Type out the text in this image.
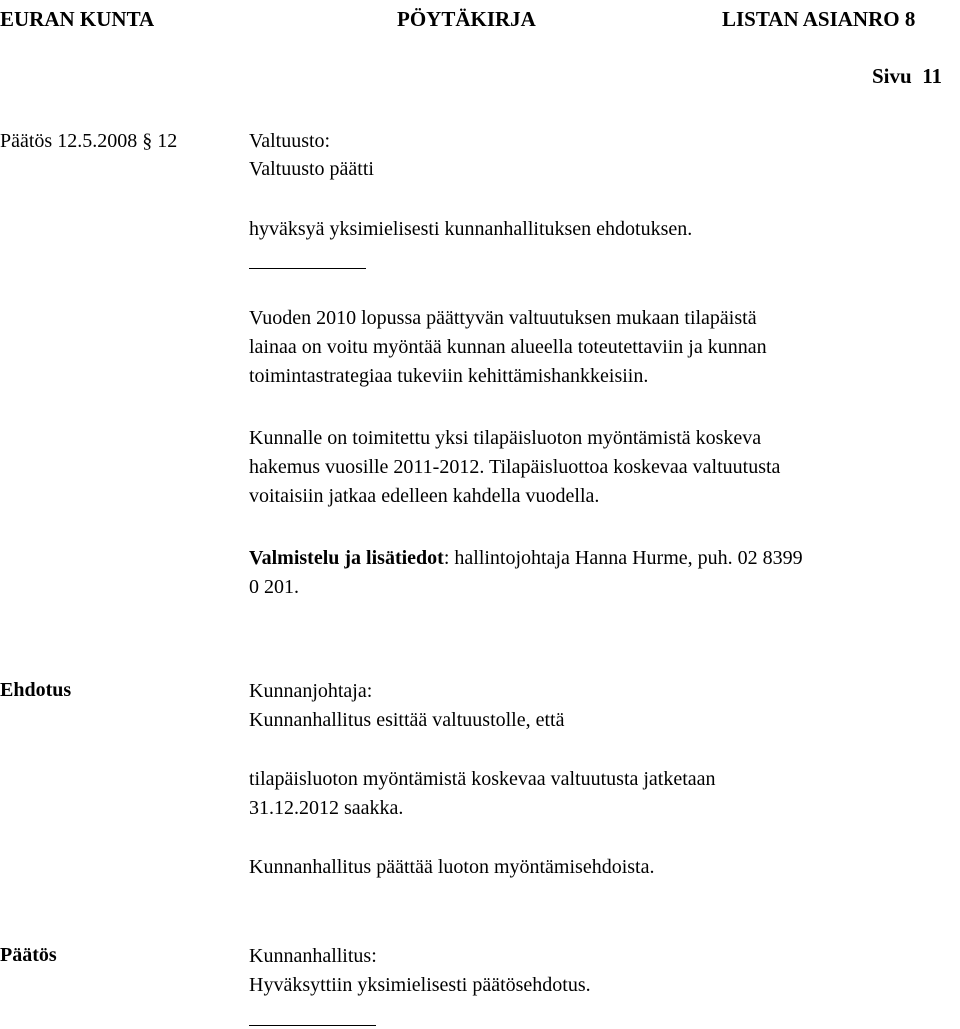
EURAN KUNTA	PÖYTÄKIRJA	LISTAN ASIANRO 8
Sivu  11
Päätös 12.5.2008 § 12	Valtuusto:
Valtuusto päätti
hyväksyä yksimielisesti kunnanhallituksen ehdotuksen.
Vuoden 2010 lopussa päättyvän valtuutuksen mukaan tilapäistä
lainaa on voitu myöntää kunnan alueella toteutettaviin ja kunnan
toimintastrategiaa tukeviin kehittämishankkeisiin.
Kunnalle on toimitettu yksi tilapäisluoton myöntämistä koskeva
hakemus vuosille 2011-2012. Tilapäisluottoa koskevaa valtuutusta
voitaisiin jatkaa edelleen kahdella vuodella.
Valmistelu ja lisätiedot: hallintojohtaja Hanna Hurme, puh. 02 8399
0 201.
Ehdotus	Kunnanjohtaja:
Kunnanhallitus esittää valtuustolle, että
tilapäisluoton myöntämistä koskevaa valtuutusta jatketaan
31.12.2012 saakka.
Kunnanhallitus päättää luoton myöntämisehdoista.
Päätös	Kunnanhallitus:
Hyväksyttiin yksimielisesti päätösehdotus.
